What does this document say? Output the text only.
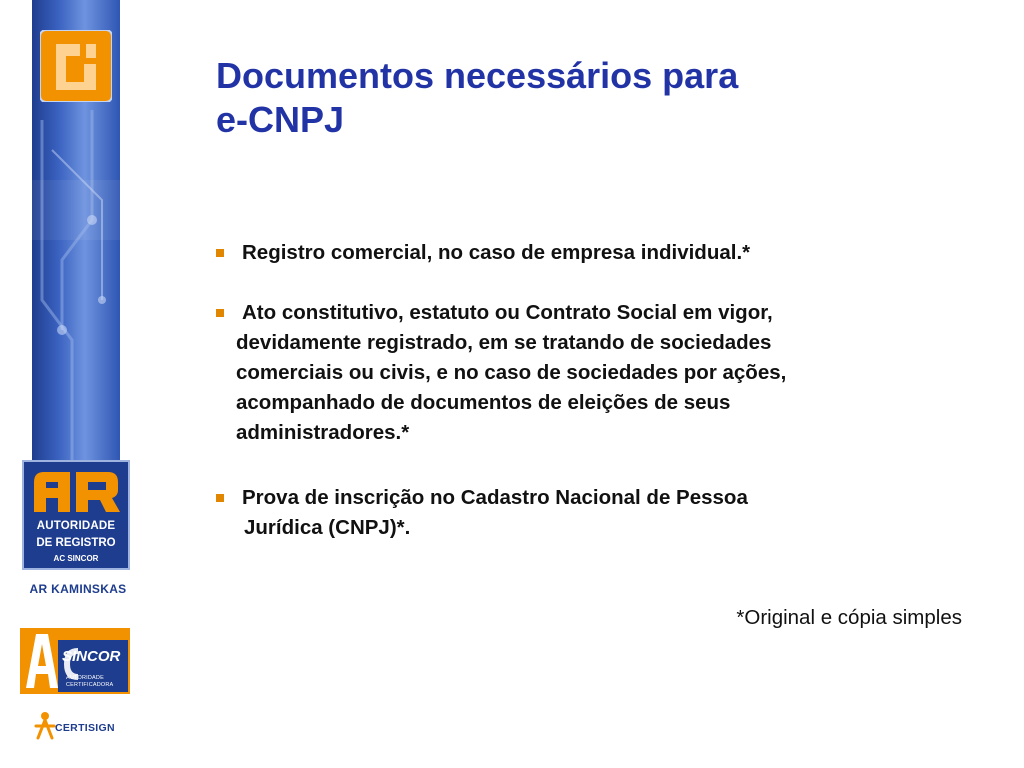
Documentos necessários para
e-CNPJ
Registro comercial, no caso de empresa individual.*
Ato constitutivo, estatuto ou Contrato Social em vigor,
devidamente registrado, em se tratando de sociedades
comerciais ou civis, e no caso de sociedades por ações,
acompanhado de documentos de eleições de seus
administradores.*
Prova de inscrição no Cadastro Nacional de Pessoa
Jurídica (CNPJ)*.
*Original e cópia simples
AUTORIDADE
DE REGISTRO
AC SINCOR
AR KAMINSKAS
SINCOR
AUTORIDADE
CERTIFICADORA
CERTISIGN
